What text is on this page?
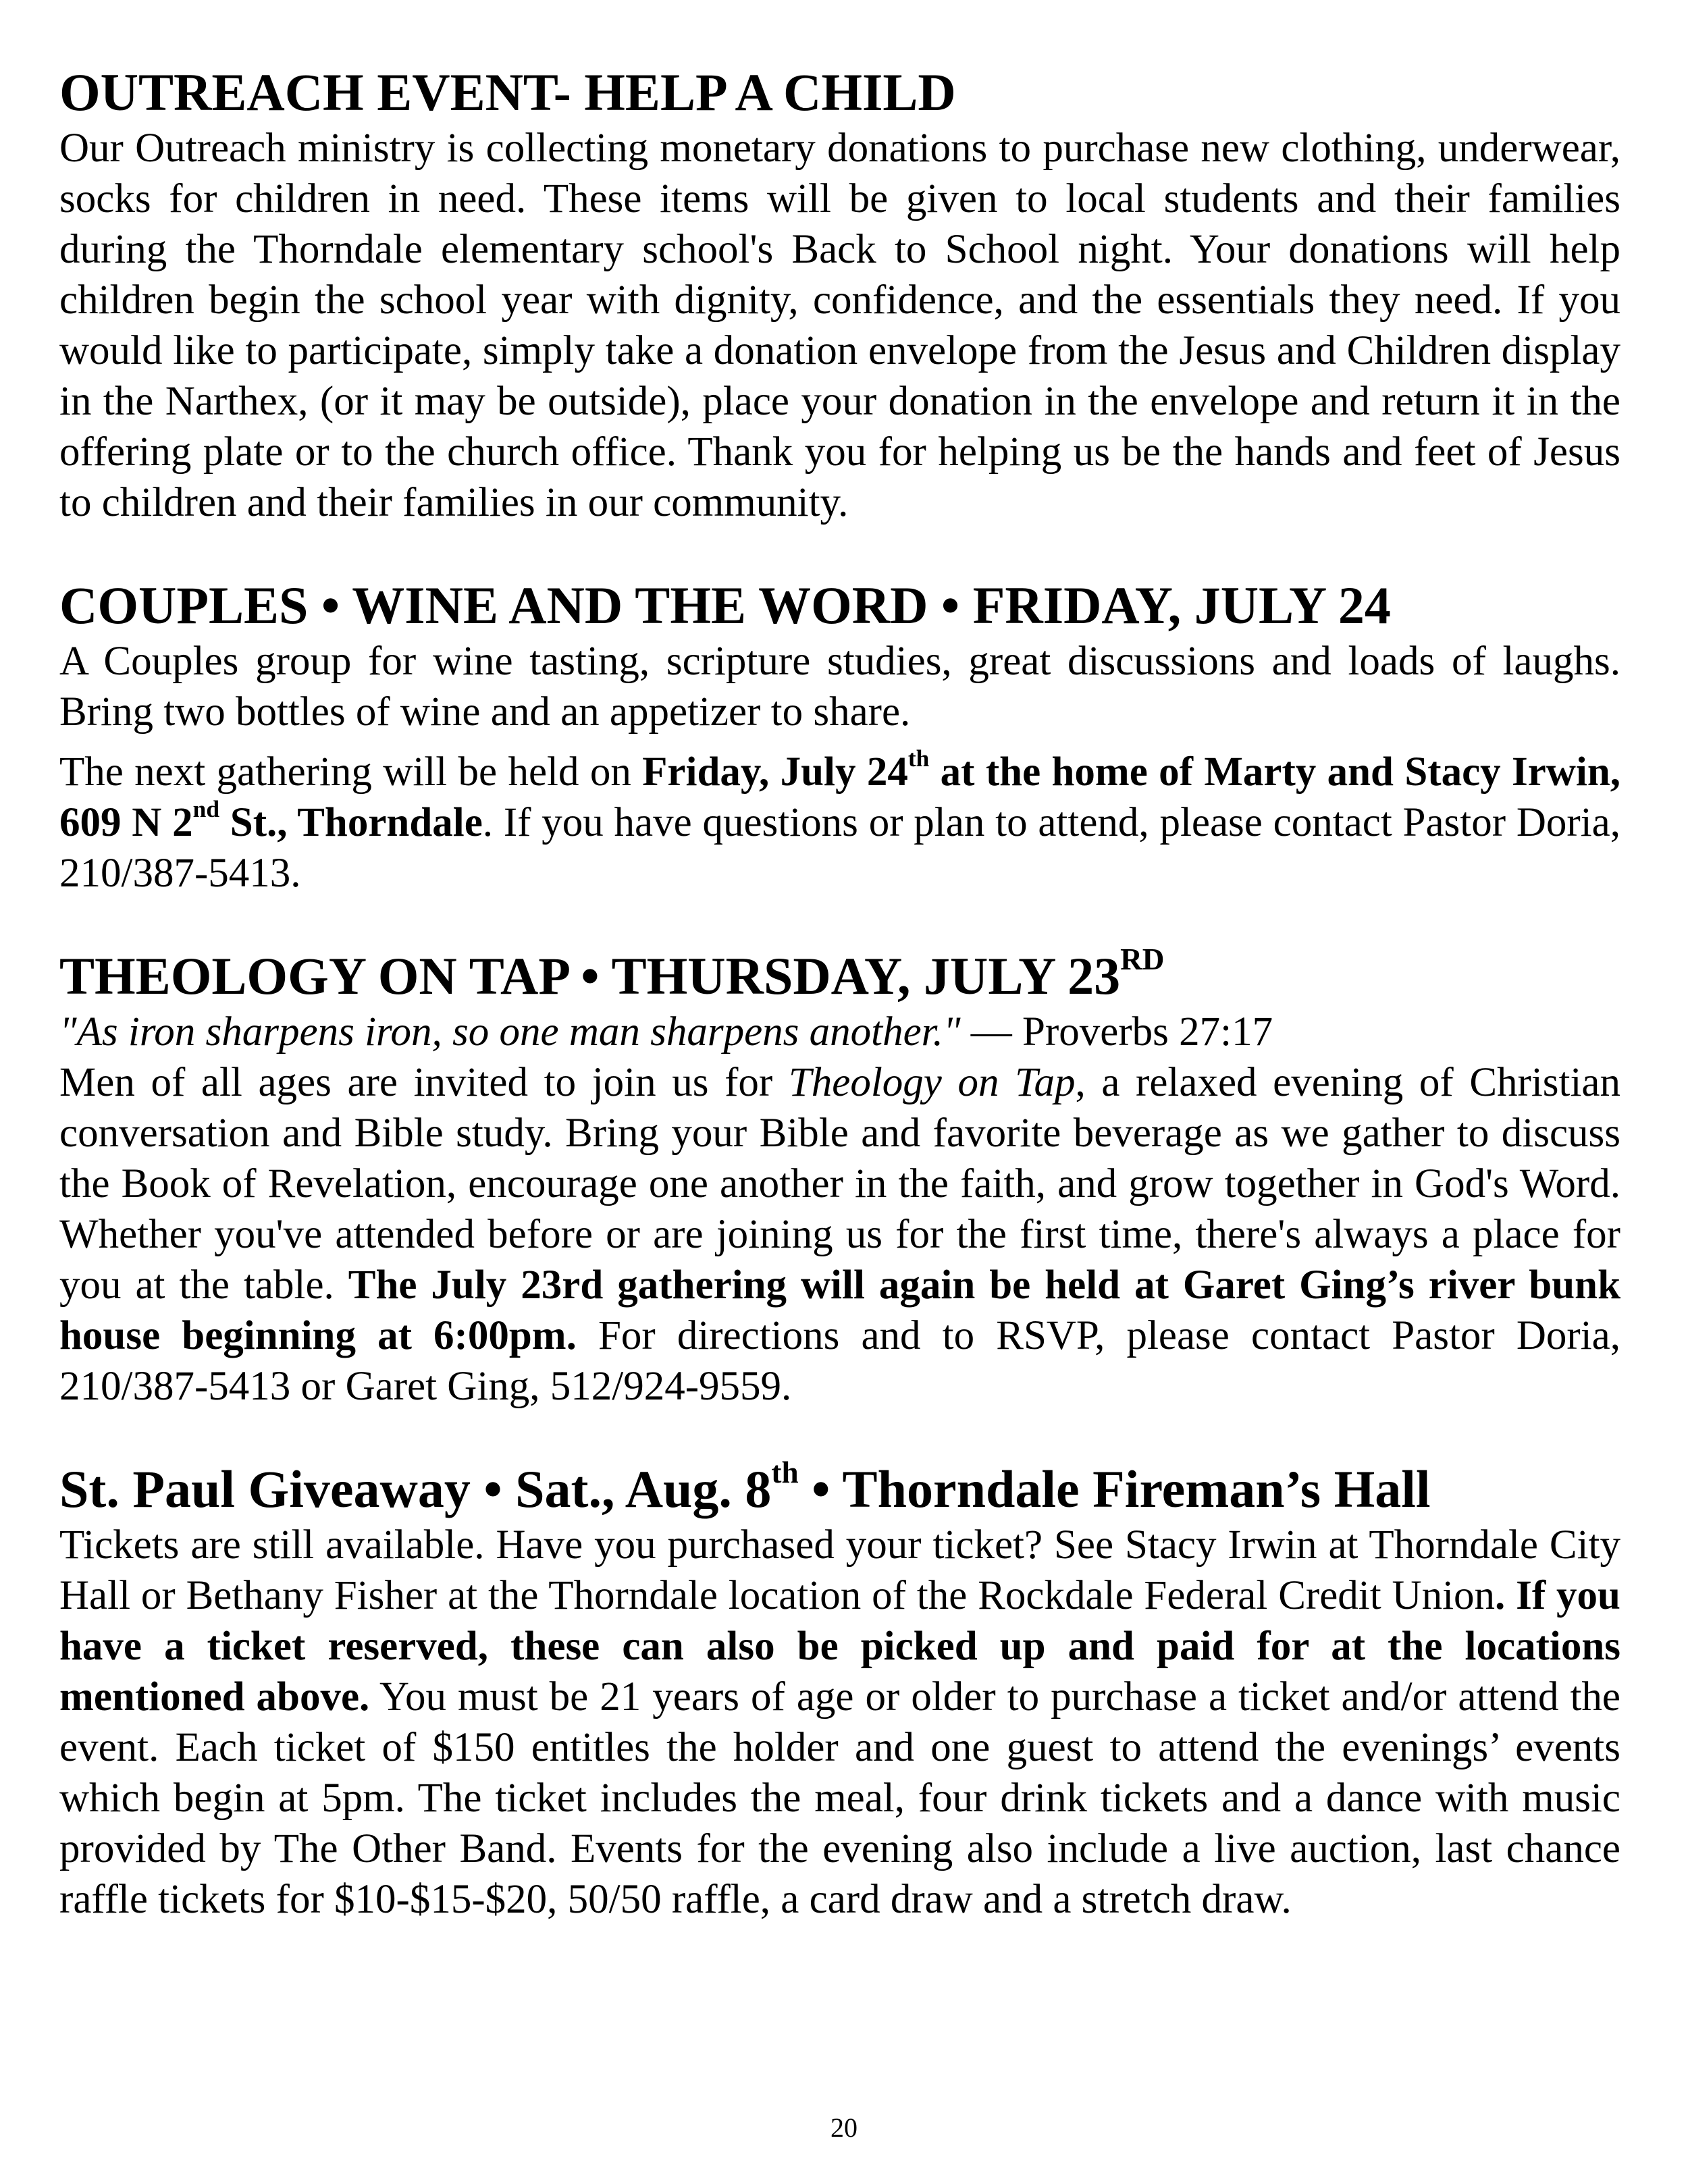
OUTREACH EVENT- HELP A CHILD

Our Outreach ministry is collecting monetary donations to purchase new clothing, underwear, socks for children in need. These items will be given to local students and their families during the Thorndale elementary school's Back to School night. Your donations will help children begin the school year with dignity, confidence, and the essentials they need. If you would like to participate, simply take a donation envelope from the Jesus and Children display in the Narthex, (or it may be outside), place your donation in the envelope and return it in the offering plate or to the church office. Thank you for helping us be the hands and feet of Jesus to children and their families in our community.

COUPLES • WINE AND THE WORD • FRIDAY, JULY 24

A Couples group for wine tasting, scripture studies, great discussions and loads of laughs. Bring two bottles of wine and an appetizer to share.

The next gathering will be held on Friday, July 24th at the home of Marty and Stacy Irwin, 609 N 2nd St., Thorndale. If you have questions or plan to attend, please contact Pastor Doria, 210/387-5413.

THEOLOGY ON TAP • THURSDAY, JULY 23RD
"As iron sharpens iron, so one man sharpens another." — Proverbs 27:17

Men of all ages are invited to join us for Theology on Tap, a relaxed evening of Christian conversation and Bible study. Bring your Bible and favorite beverage as we gather to discuss the Book of Revelation, encourage one another in the faith, and grow together in God's Word. Whether you've attended before or are joining us for the first time, there's always a place for you at the table. The July 23rd gathering will again be held at Garet Ging’s river bunk house beginning at 6:00pm. For directions and to RSVP, please contact Pastor Doria, 210/387-5413 or Garet Ging, 512/924-9559.

St. Paul Giveaway • Sat., Aug. 8th • Thorndale Fireman’s Hall

Tickets are still available. Have you purchased your ticket? See Stacy Irwin at Thorndale City Hall or Bethany Fisher at the Thorndale location of the Rockdale Federal Credit Union. If you have a ticket reserved, these can also be picked up and paid for at the locations mentioned above. You must be 21 years of age or older to purchase a ticket and/or attend the event. Each ticket of $150 entitles the holder and one guest to attend the evenings’ events which begin at 5pm. The ticket includes the meal, four drink tickets and a dance with music provided by The Other Band. Events for the evening also include a live auction, last chance raffle tickets for $10-$15-$20, 50/50 raffle, a card draw and a stretch draw.

20
